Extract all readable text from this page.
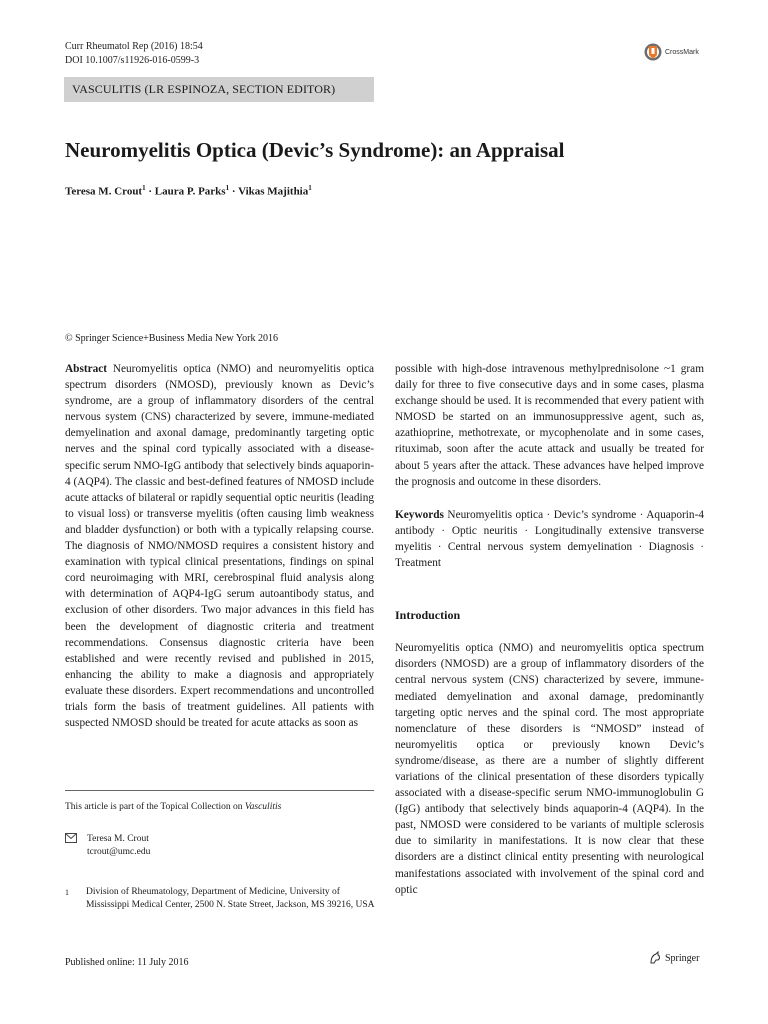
Curr Rheumatol Rep (2016) 18:54
DOI 10.1007/s11926-016-0599-3
CrossMark
VASCULITIS (LR ESPINOZA, SECTION EDITOR)
Neuromyelitis Optica (Devic’s Syndrome): an Appraisal
Teresa M. Crout$^1$ · Laura P. Parks$^1$ · Vikas Majithia$^1$
© Springer Science+Business Media New York 2016

Abstract Neuromyelitis optica (NMO) and neuromyelitis optica spectrum disorders (NMOSD), previously known as Devic’s syndrome, are a group of inflammatory disorders of the central nervous system (CNS) characterized by severe, immune-mediated demyelination and axonal damage, predominantly targeting optic nerves and the spinal cord typically associated with a disease-specific serum NMO-IgG antibody that selectively binds aquaporin-4 (AQP4). The classic and best-defined features of NMOSD include acute attacks of bilateral or rapidly sequential optic neuritis (leading to visual loss) or transverse myelitis (often causing limb weakness and bladder dysfunction) or both with a typically relapsing course. The diagnosis of NMO/NMOSD requires a consistent history and examination with typical clinical presentations, findings on spinal cord neuroimaging with MRI, cerebrospinal fluid analysis along with determination of AQP4-IgG serum autoantibody status, and exclusion of other disorders. Two major advances in this field has been the development of diagnostic criteria and treatment recommendations. Consensus diagnostic criteria have been established and were recently revised and published in 2015, enhancing the ability to make a diagnosis and appropriately evaluate these disorders. Expert recommendations and uncontrolled trials form the basis of treatment guidelines. All patients with suspected NMOSD should be treated for acute attacks as soon as

possible with high-dose intravenous methylprednisolone ~1 gram daily for three to five consecutive days and in some cases, plasma exchange should be used. It is recommended that every patient with NMOSD be started on an immunosuppressive agent, such as, azathioprine, methotrexate, or mycophenolate and in some cases, rituximab, soon after the acute attack and usually be treated for about 5 years after the attack. These advances have helped improve the prognosis and outcome in these disorders.

Keywords Neuromyelitis optica · Devic’s syndrome · Aquaporin-4 antibody · Optic neuritis · Longitudinally extensive transverse myelitis · Central nervous system demyelination · Diagnosis · Treatment

Introduction

Neuromyelitis optica (NMO) and neuromyelitis optica spectrum disorders (NMOSD) are a group of inflammatory disorders of the central nervous system (CNS) characterized by severe, immune-mediated demyelination and axonal damage, predominantly targeting optic nerves and the spinal cord. The most appropriate nomenclature of these disorders is “NMOSD” instead of neuromyelitis optica or previously known Devic’s syndrome/disease, as there are a number of slightly different variations of the clinical presentation of these disorders typically associated with a disease-specific serum NMO-immunoglobulin G (IgG) antibody that selectively binds aquaporin-4 (AQP4). In the past, NMOSD were considered to be variants of multiple sclerosis due to similarity in manifestations. It is now clear that these disorders are a distinct clinical entity presenting with neurological manifestations associated with involvement of the spinal cord and optic

This article is part of the Topical Collection on Vasculitis
Teresa M. Crout
tcrout@umc.edu
1 Division of Rheumatology, Department of Medicine, University of Mississippi Medical Center, 2500 N. State Street, Jackson, MS 39216, USA
Published online: 11 July 2016	Springer
